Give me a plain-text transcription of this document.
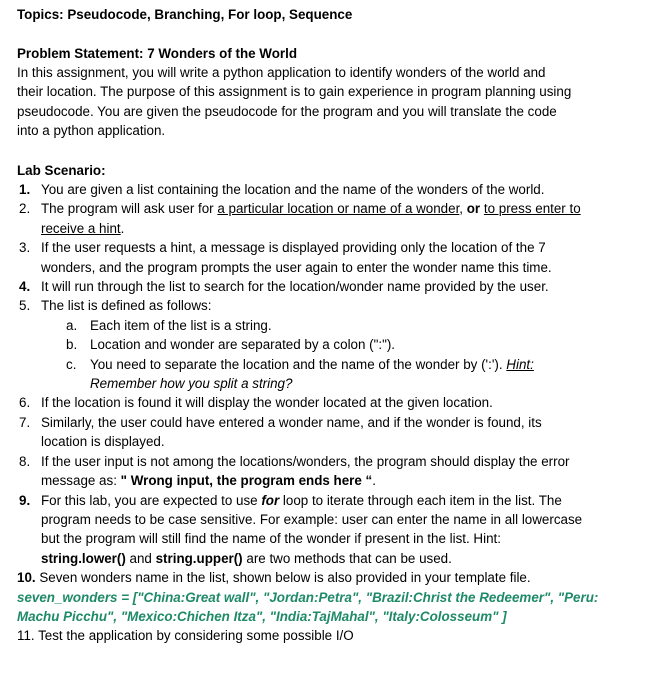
Topics: Pseudocode, Branching, For loop, Sequence
Problem Statement: 7 Wonders of the World
In this assignment, you will write a python application to identify wonders of the world and
their location. The purpose of this assignment is to gain experience in program planning using
pseudocode. You are given the pseudocode for the program and you will translate the code
into a python application.
Lab Scenario:
1. You are given a list containing the location and the name of the wonders of the world.
2. The program will ask user for a particular location or name of a wonder, or to press enter to
receive a hint.
3. If the user requests a hint, a message is displayed providing only the location of the 7
wonders, and the program prompts the user again to enter the wonder name this time.
4. It will run through the list to search for the location/wonder name provided by the user.
5. The list is defined as follows:
a. Each item of the list is a string.
b. Location and wonder are separated by a colon (":").
c. You need to separate the location and the name of the wonder by (':'). Hint:
Remember how you split a string?
6. If the location is found it will display the wonder located at the given location.
7. Similarly, the user could have entered a wonder name, and if the wonder is found, its
location is displayed.
8. If the user input is not among the locations/wonders, the program should display the error
message as: " Wrong input, the program ends here “.
9. For this lab, you are expected to use for loop to iterate through each item in the list. The
program needs to be case sensitive. For example: user can enter the name in all lowercase
but the program will still find the name of the wonder if present in the list. Hint:
string.lower() and string.upper() are two methods that can be used.
10. Seven wonders name in the list, shown below is also provided in your template file.
seven_wonders = ["China:Great wall", "Jordan:Petra", "Brazil:Christ the Redeemer", "Peru:
Machu Picchu", "Mexico:Chichen Itza", "India:TajMahal", "Italy:Colosseum" ]
11. Test the application by considering some possible I/O
